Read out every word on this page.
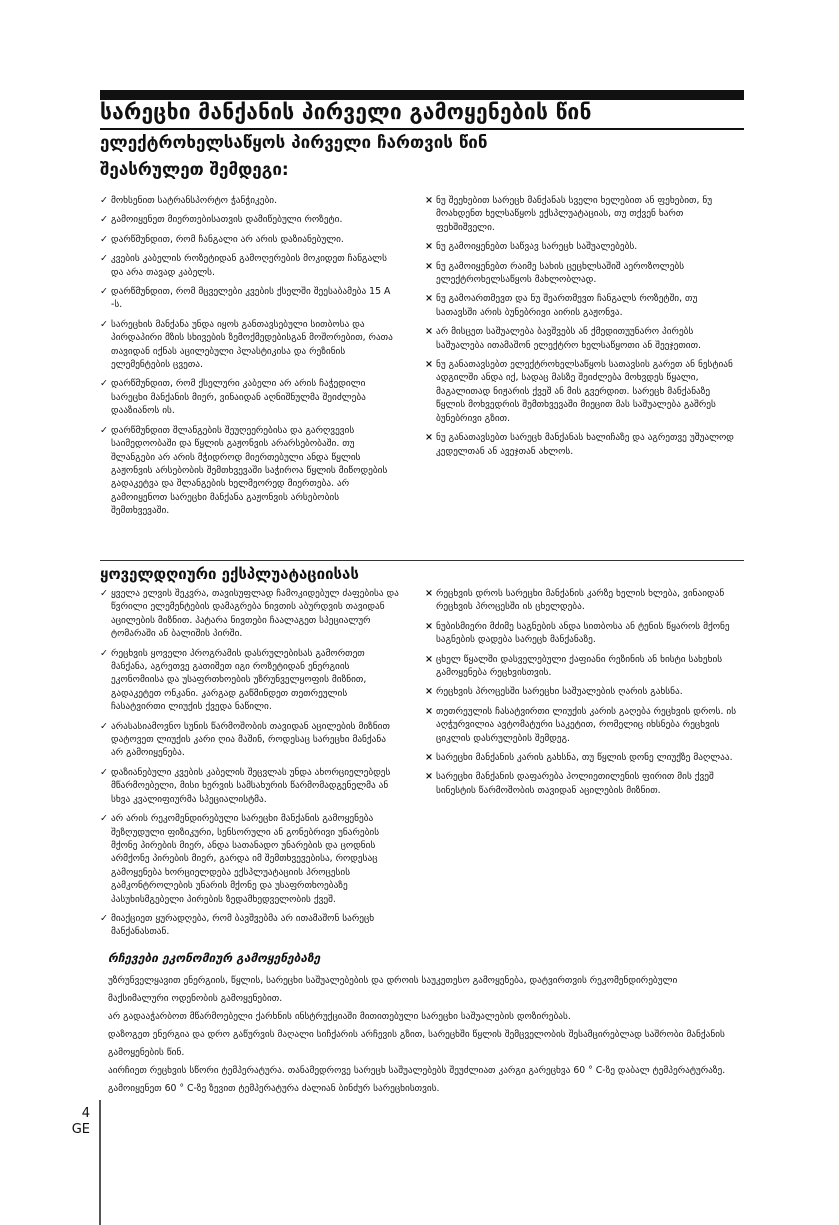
სარეცხი მანქანის პირველი გამოყენების წინ
ელექტროხელსაწყოს პირველი ჩართვის წინ
შეასრულეთ შემდეგი:
✓ მოხსენით სატრანსპორტო ჭანჭიკები.
✓ გამოიყენეთ მიერთებისათვის დამიწებული როზეტი.
✓ დარწმუნდით, რომ ჩანგალი არ არის დაზიანებული.
✓ კვების კაბელის როზეტიდან გამოღერების მოკიდეთ ჩანგალს და არა თავად კაბელს.
✓ დარწმუნდით, რომ მცველები კვების ქსელში შეესაბამება 15 A -ს.
✓ სარეცხის მანქანა უნდა იყოს განთავსებული სითბოსა და პირდაპირი მზის სხივების ზემოქმედებისგან მოშორებით, რათა თავიდან იქნას აცილებული პლასტიკისა და რეზინის ელემენტების ცვეთა.
✓ დარწმუნდით, რომ ქსელური კაბელი არ არის ჩაჭედილი სარეცხი მანქანის მიერ, ვინაიდან აღნიშნულმა შეიძლება დააზიანოს ის.
✓ დარწმუნდით შლანგების შეუღეერებისა და გარღვევის საიმედოობაში და წყლის გაჟონვის არარსებობაში. თუ შლანგები არ არის მჭიდროდ მიერთებული ანდა წყლის გაჟონვის არსებობის შემთხვევაში საჭიროა წყლის მიწოდების გადაკეტვა და შლანგების ხელმეორედ მიერთება. არ გამოიყენოთ სარეცხი მანქანა გაჟონვის არსებობის შემთხვევაში.
× ნუ შეეხებით სარეცხ მანქანას სველი ხელებით ან ფეხებით, ნუ მოახდენთ ხელსაწყოს ექსპლუატაციას, თუ თქვენ ხართ ფეხშიშველი.
× ნუ გამოიყენებთ საწვავ სარეცხ საშუალებებს.
× ნუ გამოიყენებთ რაიმე სახის ცეცხლსაშიშ აეროზოლებს ელექტროხელსაწყოს მახლობლად.
× ნუ გამოართმევთ და ნუ შეართმევთ ჩანგალს როზეტში, თუ სათავსში არის ბუნებრივი აირის გაჟონვა.
× არ მისცეთ საშუალება ბავშვებს ან ქმედითუუნარო პირებს საშუალება ითამაშონ ელექტრო ხელსაწყოთი ან შეეჯეთით.
× ნუ განათავსებთ ელექტროხელსაწყოს სათავსის გარეთ ან ნესტიან ადგილში ანდა იქ, სადაც მასზე შეიძლება მოხვდეს წყალი, მაგალითად ნიჟარის ქვეშ ან მის გვერდით. სარეცხ მანქანაზე წყლის მოხვედრის შემთხვევაში მიეცით მას საშუალება გაშრეს ბუნებრივი გზით.
× ნუ განათავსებთ სარეცხ მანქანას ხალიჩაზე და აგრეთვე უშუალოდ კედელთან ან ავეჯთან ახლოს.
ყოველდღიური ექსპლუატაციისას
✓ ყველა ელვის შეკვრა, თავისუფლად ჩამოკიდებულ ძაფებისა და წვრილი ელემენტების დამაგრება ნივთის აბურდვის თავიდან აცილების მიზნით. პატარა ნივთები ჩაალაგეთ სპეციალურ ტომარაში ან ბალიშის პირში.
✓ რეცხვის ყოველი პროგრამის დასრულებისას გამორთეთ მანქანა, აგრეთვე გათიშეთ იგი როზეტიდან ენერგიის ეკონომიისა და უსაფრთხოების უზრუნველყოფის მიზნით, გადაკეტეთ ონკანი. კარგად გაწმინდეთ თეთრეულის ჩასატვირთი ლიუქის ქვედა ნაწილი.
✓ არასასიამოვნო სუნის წარმოშობის თავიდან აცილების მიზნით დატოვეთ ლიუქის კარი ღია მაშინ, როდესაც სარეცხი მანქანა არ გამოიყენება.
✓ დაზიანებული კვების კაბელის შეცვლას უნდა ახორციელებდეს მწარმოებელი, მისი ხერვის სამსახურის წარმომადგენელმა ან სხვა კვალიფიურმა სპეციალისტმა.
✓ არ არის რეკომენდირებული სარეცხი მანქანის გამოყენება შეზღუდული ფიზიკური, სენსორული ან გონებრივი უნარების მქონე პირების მიერ, ანდა სათანადო უნარების და ცოდნის არმქონე პირების მიერ, გარდა იმ შემთხვევებისა, როდესაც გამოყენება ხორციელდება ექსპლუატაციის პროცესის გამკონტროლების უნარის მქონე და უსაფრთხოებაზე პასუხისმგებელი პირების ზედამხედველობის ქვეშ.
✓ მიაქციეთ ყურადღება, რომ ბავშვებმა არ ითამაშონ სარეცხ მანქანასთან.
× რეცხვის დროს სარეცხი მანქანის კარზე ხელის ხლება, ვინაიდან რეცხვის პროცესში ის ცხელდება.
× ნუბისმიერი მძიმე საგნების ანდა სითბოსა ან ტენის წყაროს მქონე საგნების დადება სარეცხ მანქანაზე.
× ცხელ წყალში დასველებული ქაფიანი რეზინის ან ხისტი სახეხის გამოყენება რეცხვისთვის.
× რეცხვის პროცესში სარეცხი საშუალების ღარის გახსნა.
× თეთრეულის ჩასატვირთი ლიუქის კარის გაღება რეცხვის დროს. ის აღჭურვილია ავტომატური საკეტით, რომელიც იხსნება რეცხვის ციკლის დასრულების შემდეგ.
× სარეცხი მანქანის კარის გახსნა, თუ წყლის დონე ლიუქზე მაღლაა.
× სარეცხი მანქანის დაფარება პოლიეთილენის ფირით მის ქვეშ სინესტის წარმოშობის თავიდან აცილების მიზნით.
რჩევები ეკონომიურ გამოყენებაზე

უზრუნველყავით ენერგიის, წყლის, სარეცხი საშუალებების და დროის საუკეთესო გამოყენება, დატვირთვის რეკომენდირებული მაქსიმალური ოდენობის გამოყენებით.

არ გადააჭარბოთ მწარმოებელი ქარხნის ინსტრუქციაში მითითებული სარეცხი საშუალების დოზირებას.

დაზოგეთ ენერგია და დრო გაწურვის მაღალი სიჩქარის არჩევის გზით, სარეცხში წყლის შემცველობის შესამცირებლად საშრობი მანქანის გამოყენების წინ.

აირჩიეთ რეცხვის სწორი ტემპერატურა. თანამედროვე სარეცხ საშუალებებს შეუძლიათ კარგი გარეცხვა 60 ° C-ზე დაბალ ტემპერატურაზე.

გამოიყენეთ 60 ° C-ზე ზევით ტემპერატურა ძალიან ბინძურ სარეცხისთვის.

4
GE
